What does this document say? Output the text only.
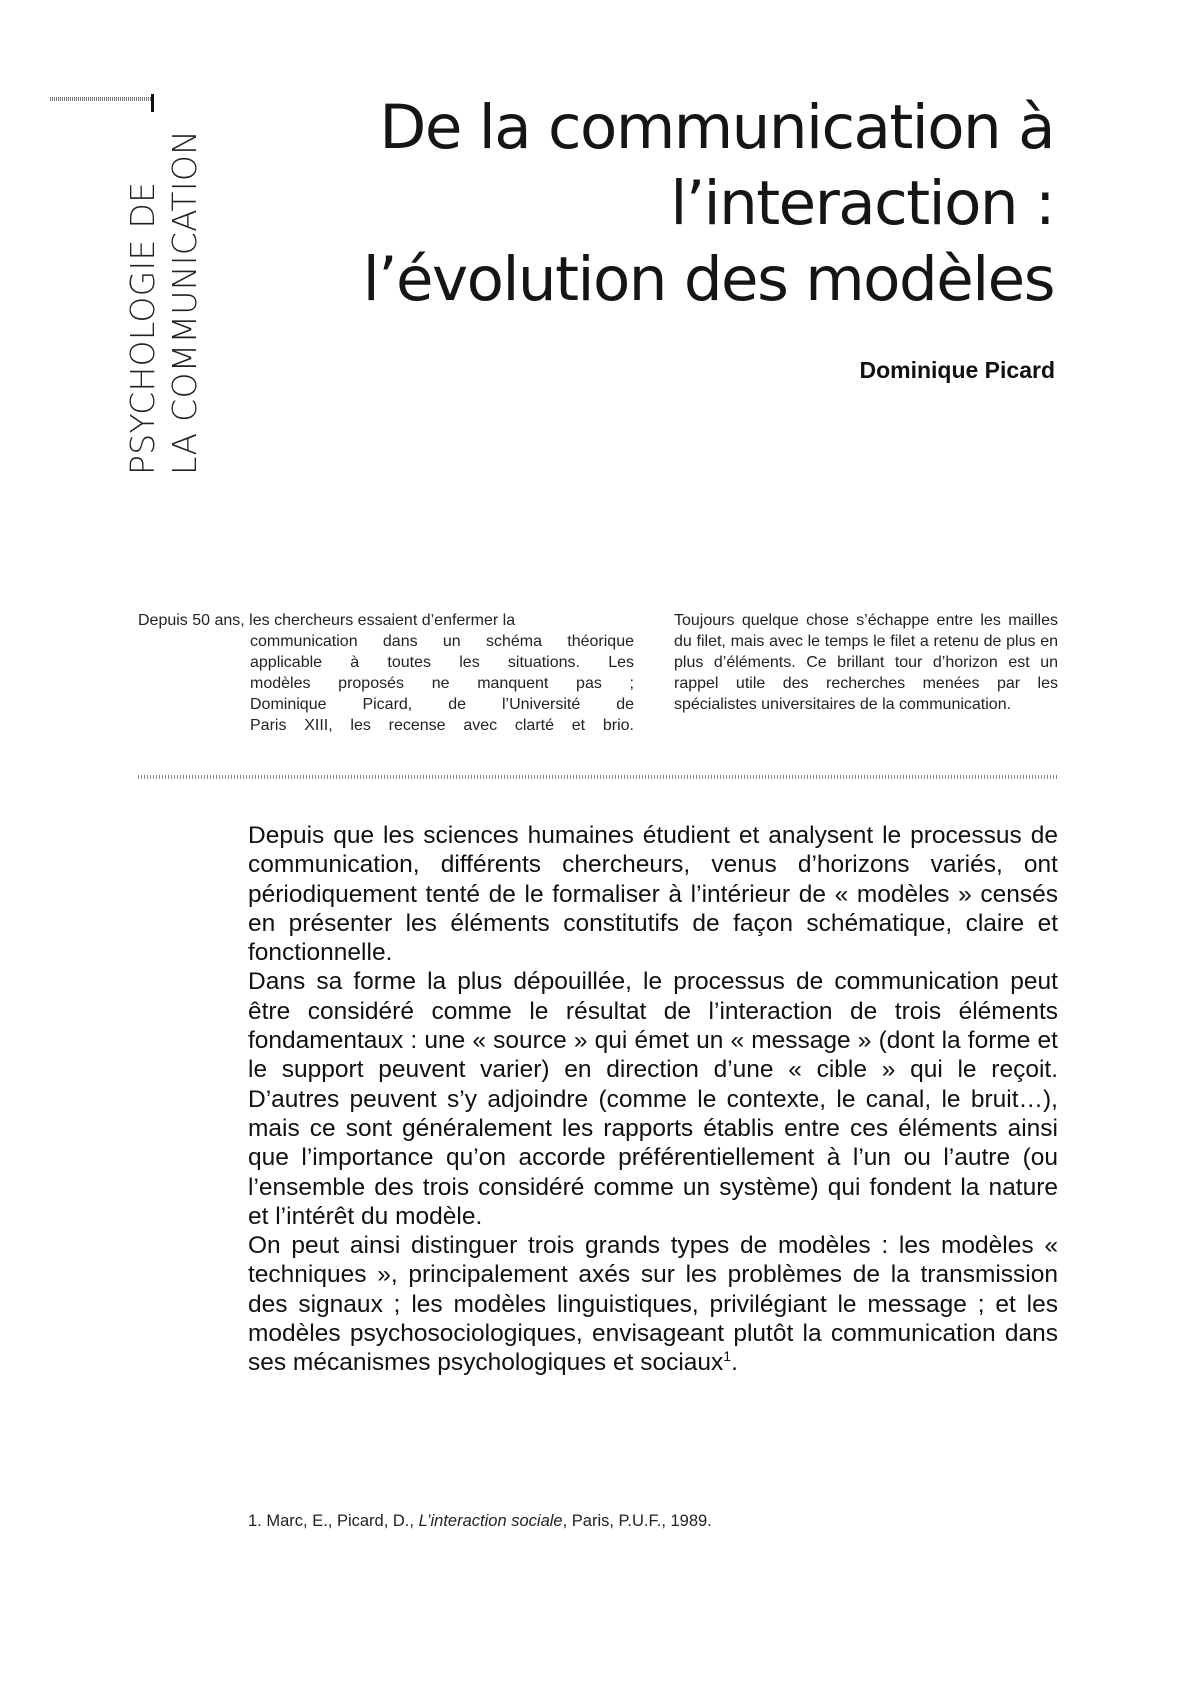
PSYCHOLOGIE DE LA COMMUNICATION
De la communication à
l’interaction :
l’évolution des modèles
Dominique Picard
Depuis 50 ans, les chercheurs essaient d’enfermer la
communication dans un schéma théorique
applicable à toutes les situations. Les
modèles proposés ne manquent pas ;
Dominique Picard, de l’Université de
Paris XIII, les recense avec clarté et brio.
Toujours quelque chose s’échappe entre les mailles du filet, mais avec le temps le filet a retenu de plus en plus d’éléments. Ce brillant tour d’horizon est un rappel utile des recherches menées par les spécialistes universitaires de la communication.

Depuis que les sciences humaines étudient et analysent le processus de communication, différents chercheurs, venus d’horizons variés, ont périodiquement tenté de le formaliser à l’intérieur de « modèles » censés en présenter les éléments constitutifs de façon schématique, claire et fonctionnelle.

Dans sa forme la plus dépouillée, le processus de communication peut être considéré comme le résultat de l’interaction de trois éléments fondamentaux : une « source » qui émet un « message » (dont la forme et le support peuvent varier) en direction d’une « cible » qui le reçoit. D’autres peuvent s’y adjoindre (comme le contexte, le canal, le bruit…), mais ce sont généralement les rapports établis entre ces éléments ainsi que l’importance qu’on accorde préférentiellement à l’un ou l’autre (ou l’ensemble des trois considéré comme un système) qui fondent la nature et l’intérêt du modèle.

On peut ainsi distinguer trois grands types de modèles : les modèles « techniques », principalement axés sur les problèmes de la transmission des signaux ; les modèles linguistiques, privilégiant le message ; et les modèles psychosociologiques, envisageant plutôt la communication dans ses mécanismes psychologiques et sociaux$^1$.

1. Marc, E., Picard, D., L’interaction sociale, Paris, P.U.F., 1989.
